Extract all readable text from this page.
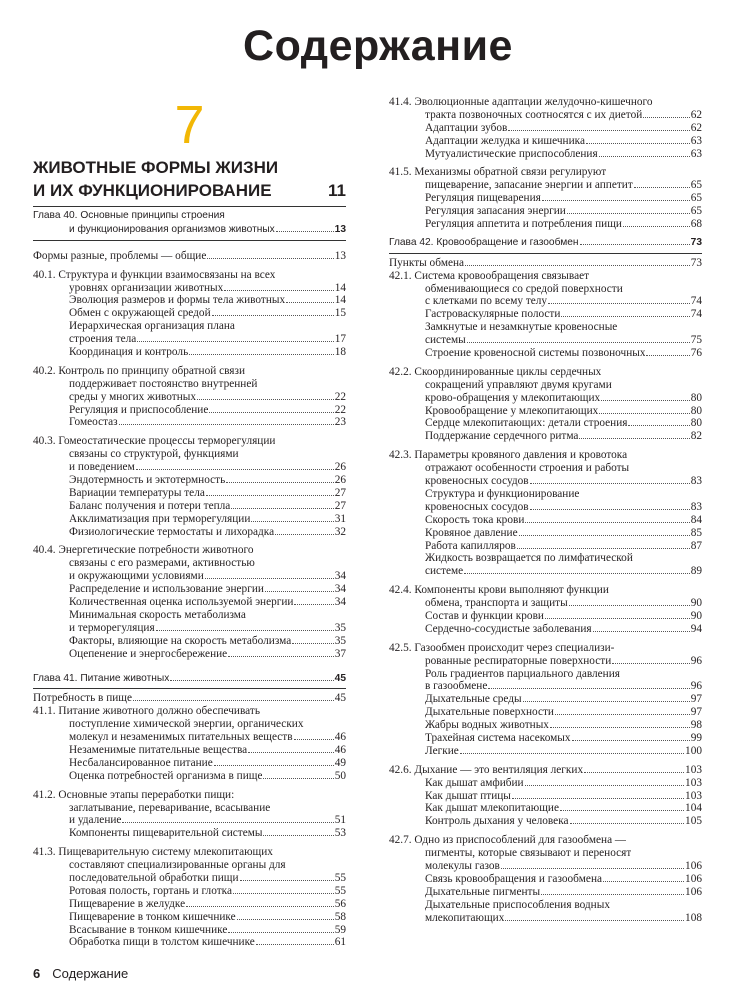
Содержание
7
ЖИВОТНЫЕ ФОРМЫ ЖИЗНИ
И ИХ ФУНКЦИОНИРОВАНИЕ	11
Глава 40. Основные принципы строения
и функционирования организмов животных	13
Формы разные, проблемы — общие	13
40.1. Структура и функции взаимосвязаны на всех
уровнях организации животных	14
Эволюция размеров и формы тела животных	14
Обмен с окружающей средой	15
Иерархическая организация плана
строения тела	17
Координация и контроль	18
40.2. Контроль по принципу обратной связи
поддерживает постоянство внутренней
среды у многих животных	22
Регуляция и приспособление	22
Гомеостаз	23
40.3. Гомеостатические процессы терморегуляции
связаны со структурой, функциями
и поведением	26
Эндотермность и эктотермность	26
Вариации температуры тела	27
Баланс получения и потери тепла	27
Акклиматизация при терморегуляции	31
Физиологические термостаты и лихорадка	32
40.4. Энергетические потребности животного
связаны с его размерами, активностью
и окружающими условиями	34
Распределение и использование энергии	34
Количественная оценка используемой энергии	34
Минимальная скорость метаболизма
и терморегуляция	35
Факторы, влияющие на скорость метаболизма	35
Оцепенение и энергосбережение	37
Глава 41. Питание животных	45
Потребность в пище	45
41.1. Питание животного должно обеспечивать
поступление химической энергии, органических
молекул и незаменимых питательных веществ	46
Незаменимые питательные вещества	46
Несбалансированное питание	49
Оценка потребностей организма в пище	50
41.2. Основные этапы переработки пищи:
заглатывание, переваривание, всасывание
и удаление	51
Компоненты пищеварительной системы	53
41.3. Пищеварительную систему млекопитающих
составляют специализированные органы для
последовательной обработки пищи	55
Ротовая полость, гортань и глотка	55
Пищеварение в желудке	56
Пищеварение в тонком кишечнике	58
Всасывание в тонком кишечнике	59
Обработка пищи в толстом кишечнике	61
41.4. Эволюционные адаптации желудочно-кишечного
тракта позвоночных соотносятся с их диетой	62
Адаптации зубов	62
Адаптации желудка и кишечника	63
Мутуалистические приспособления	63
41.5. Механизмы обратной связи регулируют
пищеварение, запасание энергии и аппетит	65
Регуляция пищеварения	65
Регуляция запасания энергии	65
Регуляция аппетита и потребления пищи	68
Глава 42. Кровообращение и газообмен	73
Пункты обмена	73
42.1. Система кровообращения связывает
обменивающиеся со средой поверхности
с клетками по всему телу	74
Гастроваскулярные полости	74
Замкнутые и незамкнутые кровеносные
системы	75
Строение кровеносной системы позвоночных	76
42.2. Скоординированные циклы сердечных
сокращений управляют двумя кругами
крово-обращения у млекопитающих	80
Кровообращение у млекопитающих	80
Сердце млекопитающих: детали строения	80
Поддержание сердечного ритма	82
42.3. Параметры кровяного давления и кровотока
отражают особенности строения и работы
кровеносных сосудов	83
Структура и функционирование
кровеносных сосудов	83
Скорость тока крови	84
Кровяное давление	85
Работа капилляров	87
Жидкость возвращается по лимфатической
системе	89
42.4. Компоненты крови выполняют функции
обмена, транспорта и защиты	90
Состав и функции крови	90
Сердечно-сосудистые заболевания	94
42.5. Газообмен происходит через специализи-
рованные респираторные поверхности	96
Роль градиентов парциального давления
в газообмене	96
Дыхательные среды	97
Дыхательные поверхности	97
Жабры водных животных	98
Трахейная система насекомых	99
Легкие	100
42.6. Дыхание — это вентиляция легких	103
Как дышат амфибии	103
Как дышат птицы	103
Как дышат млекопитающие	104
Контроль дыхания у человека	105
42.7. Одно из приспособлений для газообмена —
пигменты, которые связывают и переносят
молекулы газов	106
Связь кровообращения и газообмена	106
Дыхательные пигменты	106
Дыхательные приспособления водных
млекопитающих	108
6 Содержание
